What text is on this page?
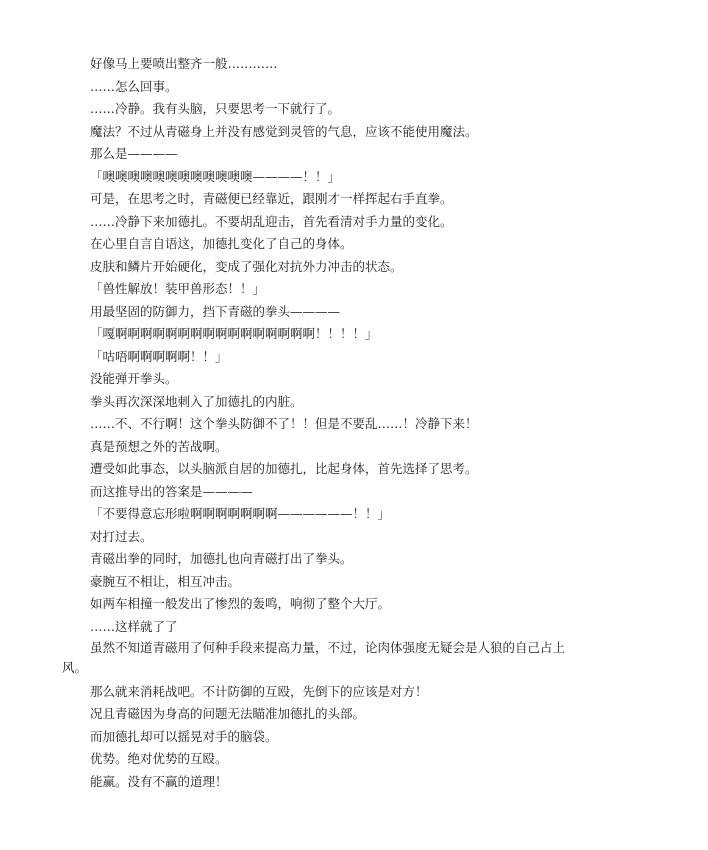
好像马上要喷出整齐一般…………

……怎么回事。

……冷静。我有头脑，只要思考一下就行了。

魔法？不过从青磁身上并没有感觉到灵管的气息，应该不能使用魔法。

那么是————

「噢噢噢噢噢噢噢噢噢噢噢噢————！！」

可是，在思考之时，青磁便已经靠近，跟刚才一样挥起右手直拳。

……冷静下来加德扎。不要胡乱迎击，首先看清对手力量的变化。

在心里自言自语这，加德扎变化了自己的身体。

皮肤和鳞片开始硬化，变成了强化对抗外力冲击的状态。

「兽性解放！装甲兽形态！！」

用最坚固的防御力，挡下青磁的拳头————

「嘎啊啊啊啊啊啊啊啊啊啊啊啊啊啊啊啊！！！！」

「咕唔啊啊啊啊啊！！」

没能弹开拳头。

拳头再次深深地刺入了加德扎的内脏。

……不、不行啊！这个拳头防御不了！！但是不要乱……！冷静下来！

真是预想之外的苦战啊。

遭受如此事态，以头脑派自居的加德扎，比起身体，首先选择了思考。

而这推导出的答案是————

「不要得意忘形啦啊啊啊啊啊啊啊——————！！」

对打过去。

青磁出拳的同时，加德扎也向青磁打出了拳头。

豪腕互不相让，相互冲击。

如两车相撞一般发出了惨烈的轰鸣，响彻了整个大厅。

……这样就了了

虽然不知道青磁用了何种手段来提高力量，不过，论肉体强度无疑会是人狼的自己占上风。

那么就来消耗战吧。不计防御的互殴，先倒下的应该是对方！

况且青磁因为身高的问题无法瞄准加德扎的头部。

而加德扎却可以摇晃对手的脑袋。

优势。绝对优势的互殴。

能赢。没有不赢的道理！
